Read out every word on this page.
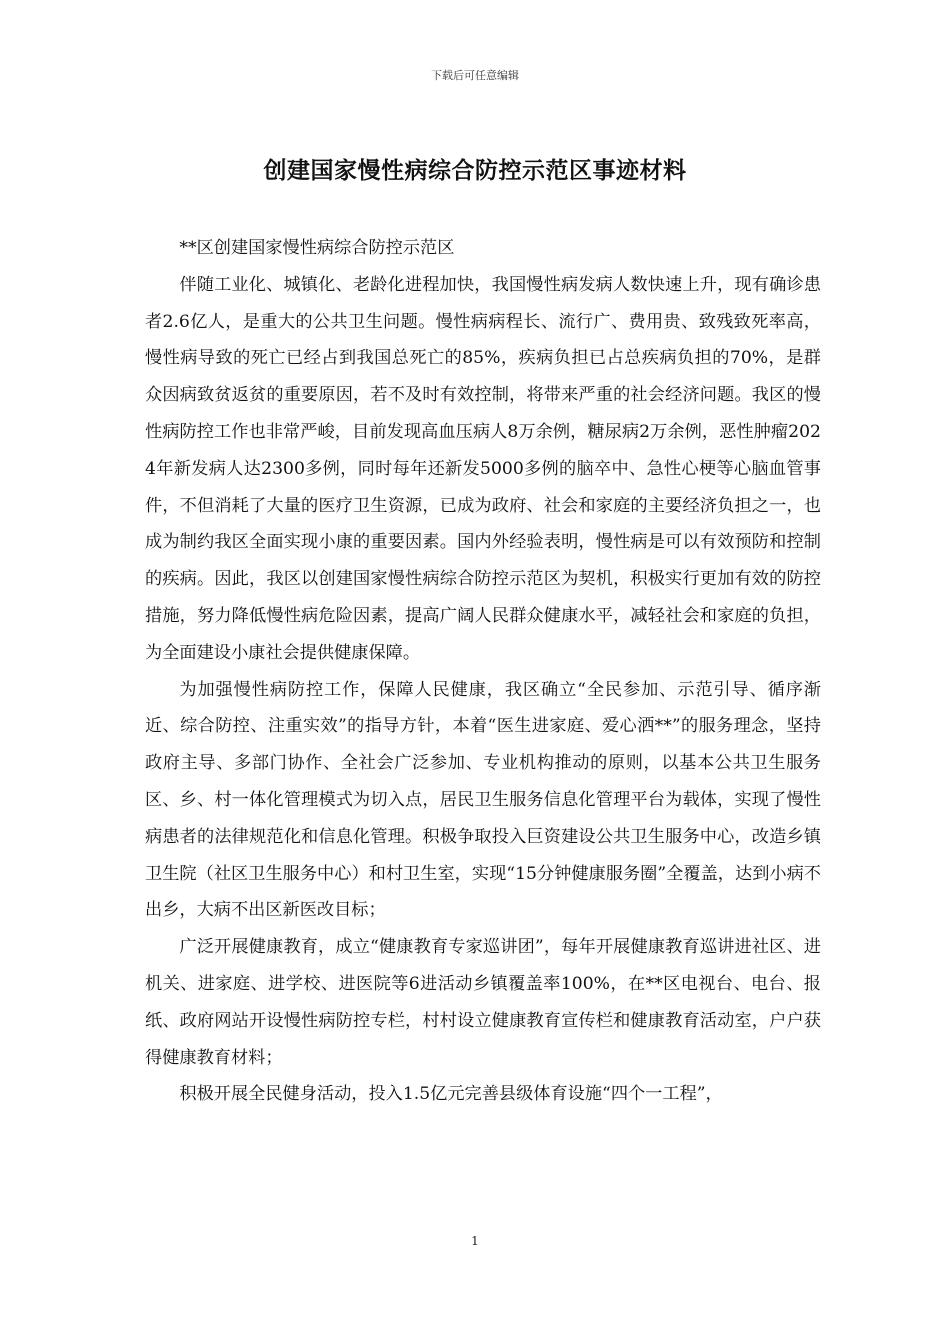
下载后可任意编辑
创建国家慢性病综合防控示范区事迹材料

**区创建国家慢性病综合防控示范区

伴随工业化、城镇化、老龄化进程加快，我国慢性病发病人数快速上升，现有确诊患者2.6亿人，是重大的公共卫生问题。慢性病病程长、流行广、费用贵、致残致死率高，慢性病导致的死亡已经占到我国总死亡的85%，疾病负担已占总疾病负担的70%，是群众因病致贫返贫的重要原因，若不及时有效控制，将带来严重的社会经济问题。我区的慢性病防控工作也非常严峻，目前发现高血压病人8万余例，糖尿病2万余例，恶性肿瘤2024年新发病人达2300多例，同时每年还新发5000多例的脑卒中、急性心梗等心脑血管事件，不但消耗了大量的医疗卫生资源，已成为政府、社会和家庭的主要经济负担之一，也成为制约我区全面实现小康的重要因素。国内外经验表明，慢性病是可以有效预防和控制的疾病。因此，我区以创建国家慢性病综合防控示范区为契机，积极实行更加有效的防控措施，努力降低慢性病危险因素，提高广阔人民群众健康水平，减轻社会和家庭的负担，为全面建设小康社会提供健康保障。

为加强慢性病防控工作，保障人民健康，我区确立“全民参加、示范引导、循序渐近、综合防控、注重实效”的指导方针，本着“医生进家庭、爱心洒**”的服务理念，坚持政府主导、多部门协作、全社会广泛参加、专业机构推动的原则，以基本公共卫生服务区、乡、村一体化管理模式为切入点，居民卫生服务信息化管理平台为载体，实现了慢性病患者的法律规范化和信息化管理。积极争取投入巨资建设公共卫生服务中心，改造乡镇卫生院（社区卫生服务中心）和村卫生室，实现“15分钟健康服务圈”全覆盖，达到小病不出乡，大病不出区新医改目标；

广泛开展健康教育，成立“健康教育专家巡讲团”，每年开展健康教育巡讲进社区、进机关、进家庭、进学校、进医院等6进活动乡镇覆盖率100%，在**区电视台、电台、报纸、政府网站开设慢性病防控专栏，村村设立健康教育宣传栏和健康教育活动室，户户获得健康教育材料；

积极开展全民健身活动，投入1.5亿元完善县级体育设施“四个一工程”，

1
